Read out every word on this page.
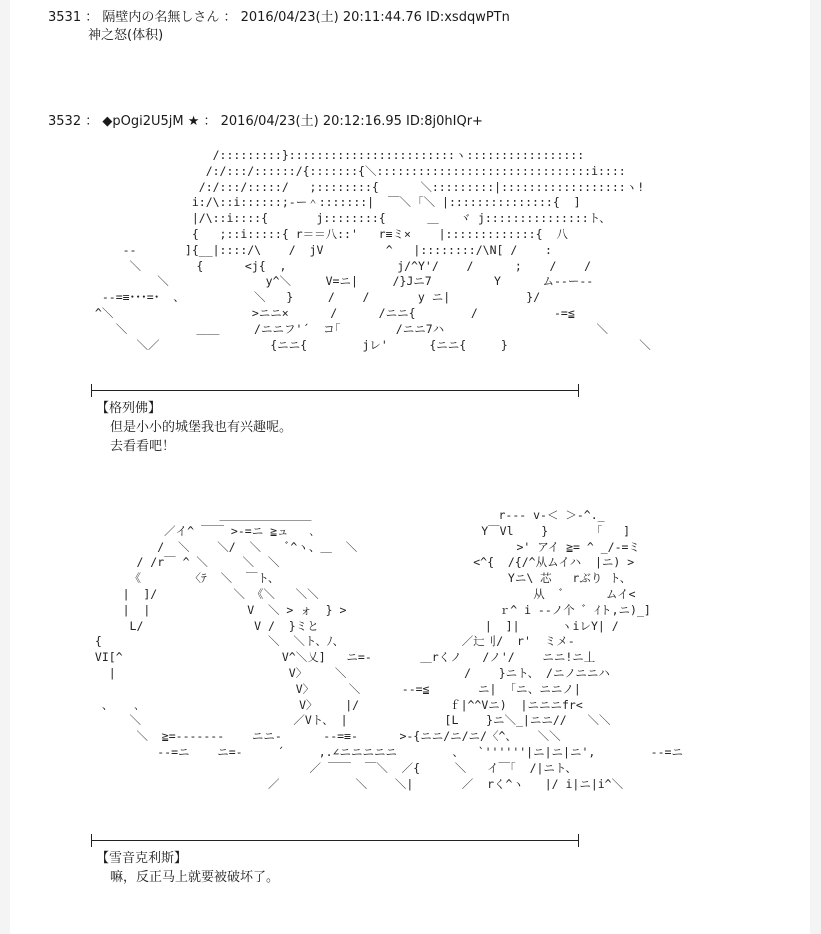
3531 ： 隔壁内の名無しさん ： 2016/04/23(土) 20:11:44.76 ID:xsdqwPTn
神之怒(体积)
3532 ： ◆pOgi2U5jM ★ ： 2016/04/23(土) 20:12:16.95 ID:8j0hIQr+
/:::::::::}::::::::::::::::::::::::ヽ:::::::::::::::::
/:/:::/::::::/{:::::::{＼:::::::::::::::::::::::::::::::i::::
/:/:::/:::::/   ;::::::::{      ＼:::::::::|::::::::::::::::::ヽ!
i:/\::i::::::;‐ー＾:::::::|  ￣＼ ｢＼ |:::::::::::::::{  ]
|/\::i::::{       j::::::::{      ＿   ヾ j:::::::::::::::ト、
{   ;::i:::::{ r＝＝八::'   r≡ミ×    |:::::::::::::{  八
‐‐       ]{__|::::/\    /  jV         ^   |::::::::/\N[ /    :
＼        {      <j{  ,                j/^Y'/    /      ;    /    /
＼              y^＼     V=ニ|     /}Jニ7         Y      ム‐‐ー‐‐
‐‐=≡･･･=･  、          ＼   }     /    /       y ニ|           }/
^＼                    >ニニ×      /      /ニニ{        /           ‐=≦
＼          ＿＿     /ニニフ'´  コ｢        /ニニ7ハ                      ＼
＼／                {ニニ{        jレ'      {ニニ{     }                   ＼
【格列佛】
但是小小的城堡我也有兴趣呢。
去看看吧！
＿＿＿＿＿＿＿＿                           r‐‐‐ v-＜ ＞-^._
／イ^ ￣￣ >-=ニ ≧ュ   ､                        Y￣Vl    }       ｢   ]
/  ＼    ＼/  ＼    ﾞ^ヽ、＿  ＼                       >' アイ ≧= ^ _/‐=ミ
/ /r￣ ^ ＼     ＼  ＼                            <^{  /{/^从ムイハ  |ニ) >
《       〈ﾃ  ＼  ￣ト、                                 Yニ\ 芯   rぶり ト、
|  ]/           ＼ 《＼   ＼＼                               从  ﾞ      ムイ<
|  |              V  ＼ > ォ  } >                      ｒ^ i ‐-ノ个 ﾞ ｲト,ニ)_]
L/                V /  }ミと                        |  ]|      ヽiレY| /
{                        ＼  ＼ト、ﾉ、                 ／辷刂/  r'  ミメ‐
VI[^                       V^＼乂]   ニ=-       ＿rくノ   /ノ'/    ニニ!ニ丄
|                         V〉    ＼                 /    }ニト、 /ニノニニハ
V〉     ＼      ‐‐=≦       ニ|  ｢ニ、ニニノ|
、   ､                       V〉    |/             ｆ|^^Vニ)  |ニニニfr<
＼                      ／Vト、 |              [L    }ニ＼_|ニニ//   ＼＼
＼  ≧=‐‐‐‐‐‐‐    ニニ-      ‐‐=≡-      >-{ニニ/ニ/ニ/〈^、   ＼＼
‐‐=ニ    ニ=-     ´     ,.∠ニニニニニ        、  `''''''|ニ|ニ|ニ',        ‐‐=ニ
／ ￣￣  ￣＼  ／{     ＼   イ￣｢  /|ニト、
／           ＼    ＼|       ／  rく^ヽ   |/ i|ニ|i^＼
【雪音克利斯】
嘛，反正马上就要被破坏了。
